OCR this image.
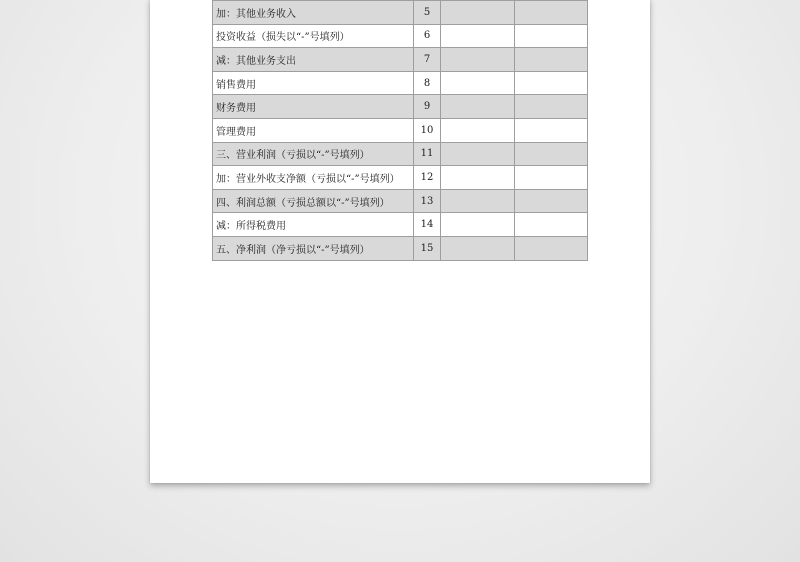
加：其他业务收入	5		
投资收益（损失以“-”号填列）	6		
减：其他业务支出	7		
销售费用	8		
财务费用	9		
管理费用	10		
三、营业利润（亏损以“-”号填列）	11		
加：营业外收支净额（亏损以“-”号填列）	12		
四、利润总额（亏损总额以“-”号填列）	13		
减：所得税费用	14		
五、净利润（净亏损以“-”号填列）	15		
